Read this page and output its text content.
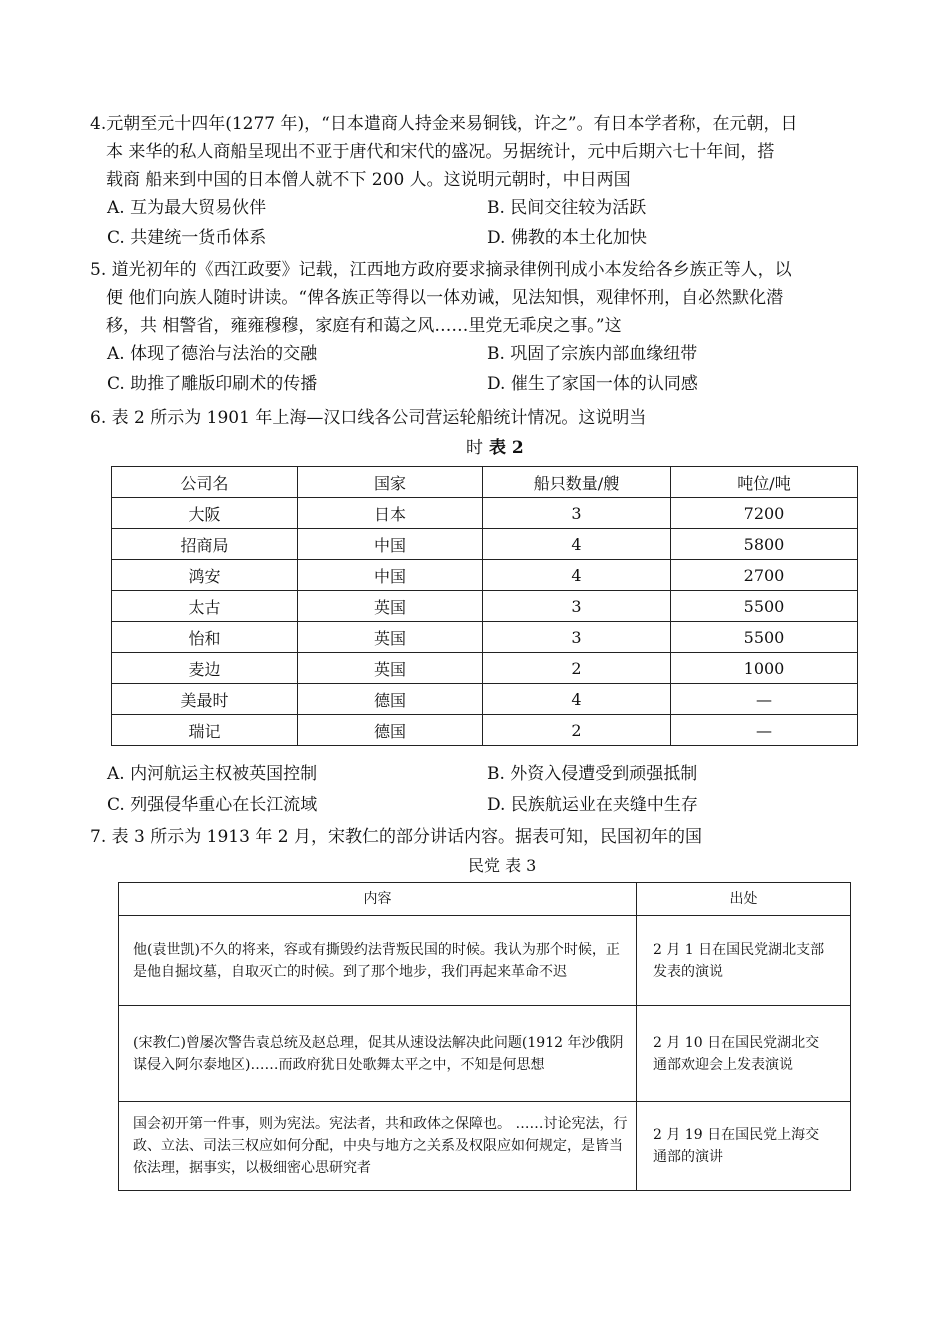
4.元朝至元十四年(1277 年)，“日本遣商人持金来易铜钱，许之”。有日本学者称，在元朝，日
本 来华的私人商船呈现出不亚于唐代和宋代的盛况。另据统计，元中后期六七十年间，搭
载商 船来到中国的日本僧人就不下 200 人。这说明元朝时，中日两国
A. 互为最大贸易伙伴	B. 民间交往较为活跃
C. 共建统一货币体系	D. 佛教的本土化加快
5. 道光初年的《西江政要》记载，江西地方政府要求摘录律例刊成小本发给各乡族正等人，以
便 他们向族人随时讲读。“俾各族正等得以一体劝诫，见法知惧，观律怀刑，自必然默化潜
移，共 相警省，雍雍穆穆，家庭有和蔼之风……里党无乖戾之事。”这
A. 体现了德治与法治的交融	B. 巩固了宗族内部血缘纽带
C. 助推了雕版印刷术的传播	D. 催生了家国一体的认同感
6. 表 2 所示为 1901 年上海—汉口线各公司营运轮船统计情况。这说明当
时 表 2
公司名	国家	船只数量/艘	吨位/吨
大阪	日本	3	7200
招商局	中国	4	5800
鸿安	中国	4	2700
太古	英国	3	5500
怡和	英国	3	5500
麦边	英国	2	1000
美最时	德国	4	—
瑞记	德国	2	—
A. 内河航运主权被英国控制	B. 外资入侵遭受到顽强抵制
C. 列强侵华重心在长江流域	D. 民族航运业在夹缝中生存
7. 表 3 所示为 1913 年 2 月，宋教仁的部分讲话内容。据表可知，民国初年的国
民党 表 3
内容	出处
他(袁世凯)不久的将来，容或有撕毁约法背叛民国的时候。我认为那个时候，正是他自掘坟墓，自取灭亡的时候。到了那个地步，我们再起来革命不迟	2 月 1 日在国民党湖北支部 发表的演说
(宋教仁)曾屡次警告袁总统及赵总理，促其从速设法解决此问题(1912 年沙俄阴谋侵入阿尔泰地区)……而政府犹日处歌舞太平之中，不知是何思想	2 月 10 日在国民党湖北交 通部欢迎会上发表演说
国会初开第一件事，则为宪法。宪法者，共和政体之保障也。 ……讨论宪法，行政、立法、司法三权应如何分配，中央与地方之关系及权限应如何规定，是皆当依法理，据事实，以极细密心思研究者	2 月 19 日在国民党上海交 通部的演讲
